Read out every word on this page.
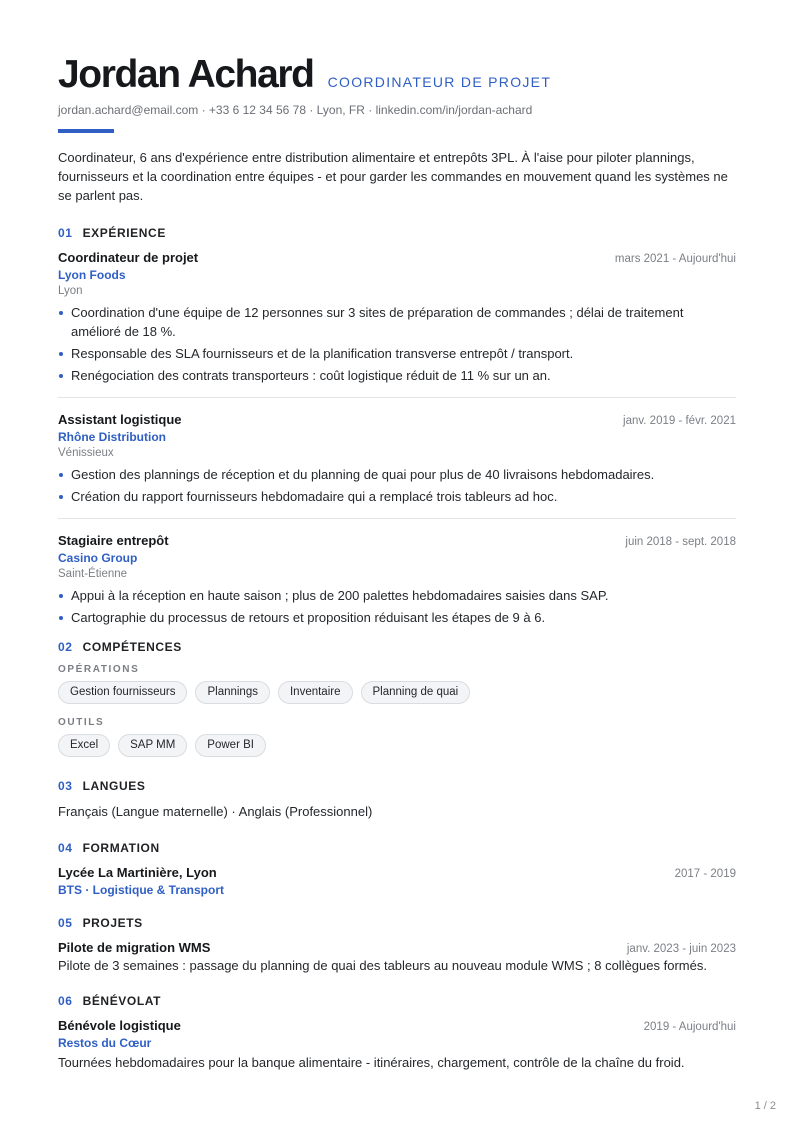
Jordan Achard COORDINATEUR DE PROJET
jordan.achard@email.com · +33 6 12 34 56 78 · Lyon, FR · linkedin.com/in/jordan-achard
Coordinateur, 6 ans d'expérience entre distribution alimentaire et entrepôts 3PL. À l'aise pour piloter plannings, fournisseurs et la coordination entre équipes - et pour garder les commandes en mouvement quand les systèmes ne se parlent pas.
01 EXPÉRIENCE
Coordinateur de projet	mars 2021 - Aujourd'hui
Lyon Foods
Lyon
Coordination d'une équipe de 12 personnes sur 3 sites de préparation de commandes ; délai de traitement amélioré de 18 %.
Responsable des SLA fournisseurs et de la planification transverse entrepôt / transport.
Renégociation des contrats transporteurs : coût logistique réduit de 11 % sur un an.
Assistant logistique	janv. 2019 - févr. 2021
Rhône Distribution
Vénissieux
Gestion des plannings de réception et du planning de quai pour plus de 40 livraisons hebdomadaires.
Création du rapport fournisseurs hebdomadaire qui a remplacé trois tableurs ad hoc.
Stagiaire entrepôt	juin 2018 - sept. 2018
Casino Group
Saint-Étienne
Appui à la réception en haute saison ; plus de 200 palettes hebdomadaires saisies dans SAP.
Cartographie du processus de retours et proposition réduisant les étapes de 9 à 6.
02 COMPÉTENCES
OPÉRATIONS
Gestion fournisseurs	Plannings	Inventaire	Planning de quai
OUTILS
Excel	SAP MM	Power BI
03 LANGUES
Français (Langue maternelle) · Anglais (Professionnel)
04 FORMATION
Lycée La Martinière, Lyon	2017 - 2019
BTS · Logistique & Transport
05 PROJETS
Pilote de migration WMS	janv. 2023 - juin 2023
Pilote de 3 semaines : passage du planning de quai des tableurs au nouveau module WMS ; 8 collègues formés.
06 BÉNÉVOLAT
Bénévole logistique	2019 - Aujourd'hui
Restos du Cœur
Tournées hebdomadaires pour la banque alimentaire - itinéraires, chargement, contrôle de la chaîne du froid.
1 / 2
